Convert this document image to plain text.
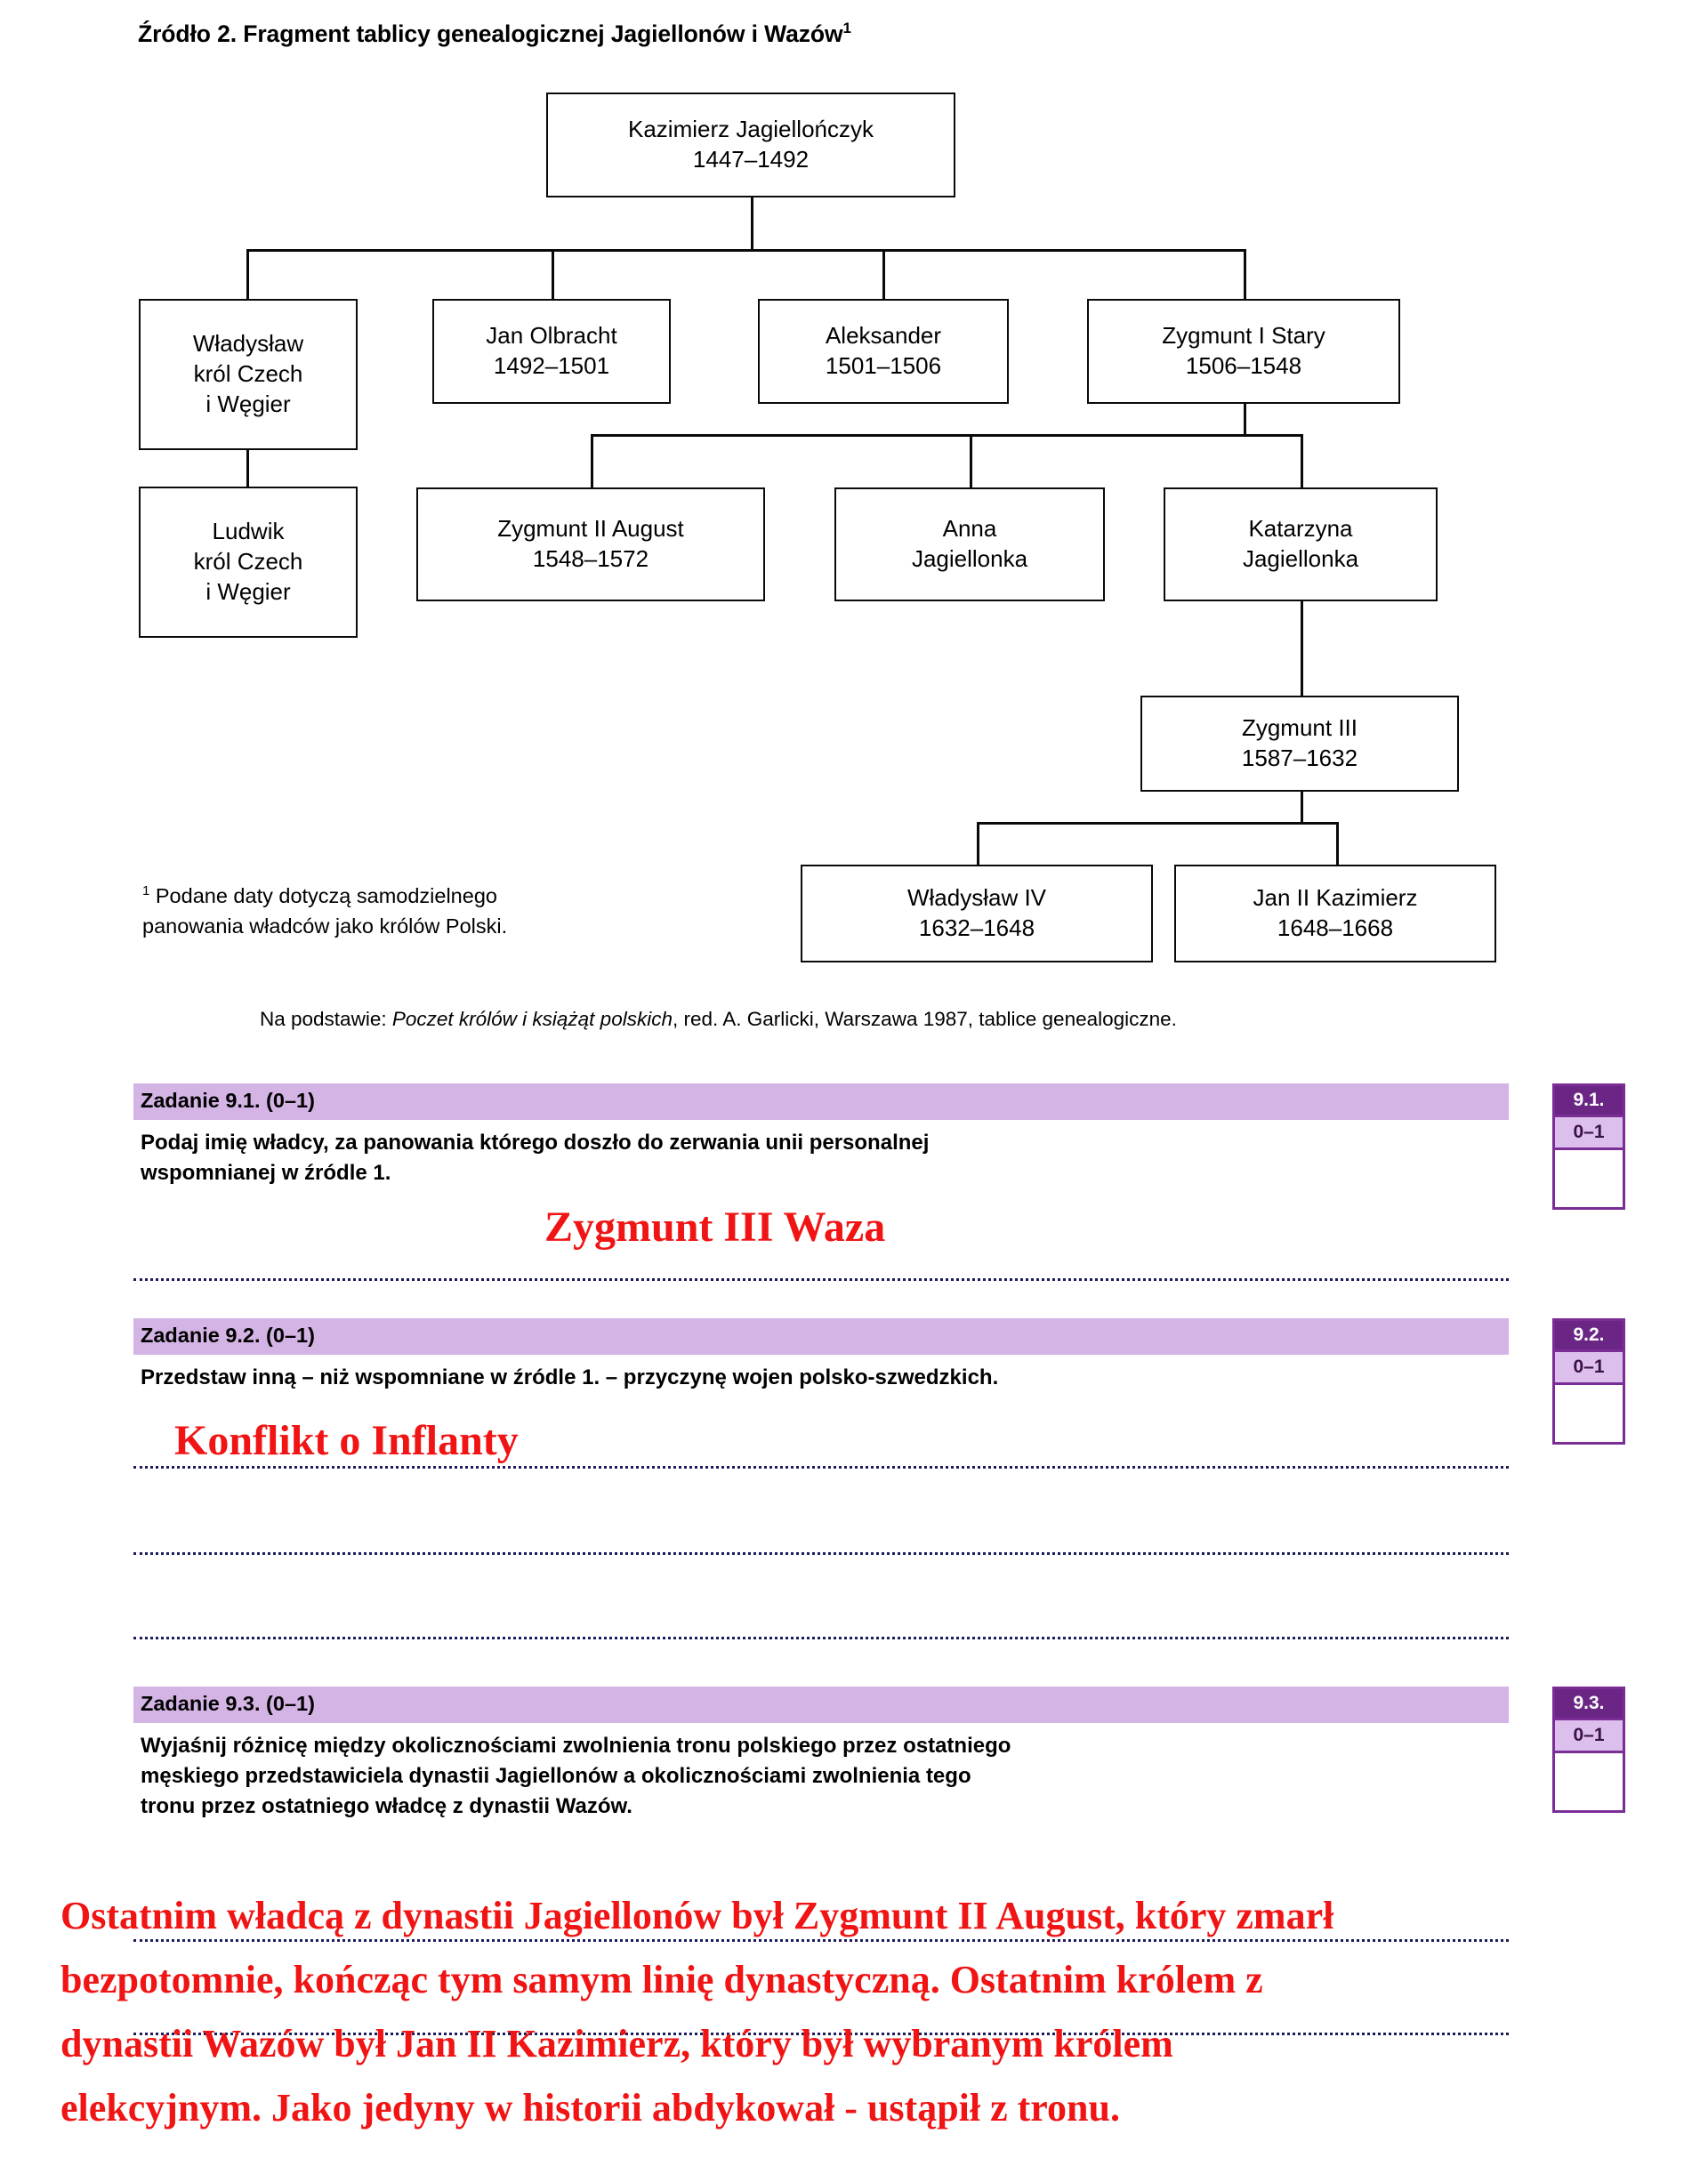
Źródło 2. Fragment tablicy genealogicznej Jagiellonów i Wazów$^1$
Kazimierz Jagiellończyk
1447–1492
Władysław
król Czech
i Węgier
Jan Olbracht
1492–1501
Aleksander
1501–1506
Zygmunt I Stary
1506–1548
Ludwik
król Czech
i Węgier
Zygmunt II August
1548–1572
Anna
Jagiellonka
Katarzyna
Jagiellonka
Zygmunt III
1587–1632
Władysław IV
1632–1648
Jan II Kazimierz
1648–1668
$^1$ Podane daty dotyczą samodzielnego
panowania władców jako królów Polski.
Na podstawie: Poczet królów i książąt polskich, red. A. Garlicki, Warszawa 1987, tablice genealogiczne.
Zadanie 9.1. (0–1)
Podaj imię władcy, za panowania którego doszło do zerwania unii personalnej
wspomnianej w źródle 1.
Zygmunt III Waza
9.1.
0–1
Zadanie 9.2. (0–1)
Przedstaw inną – niż wspomniane w źródle 1. – przyczynę wojen polsko-szwedzkich.
Konflikt o Inflanty
9.2.
0–1
Zadanie 9.3. (0–1)
Wyjaśnij różnicę między okolicznościami zwolnienia tronu polskiego przez ostatniego
męskiego przedstawiciela dynastii Jagiellonów a okolicznościami zwolnienia tego
tronu przez ostatniego władcę z dynastii Wazów.
Ostatnim władcą z dynastii Jagiellonów był Zygmunt II August, który zmarł
bezpotomnie, kończąc tym samym linię dynastyczną. Ostatnim królem z
dynastii Wazów był Jan II Kazimierz, który był wybranym królem
elekcyjnym. Jako jedyny w historii abdykował - ustąpił z tronu.
9.3.
0–1
